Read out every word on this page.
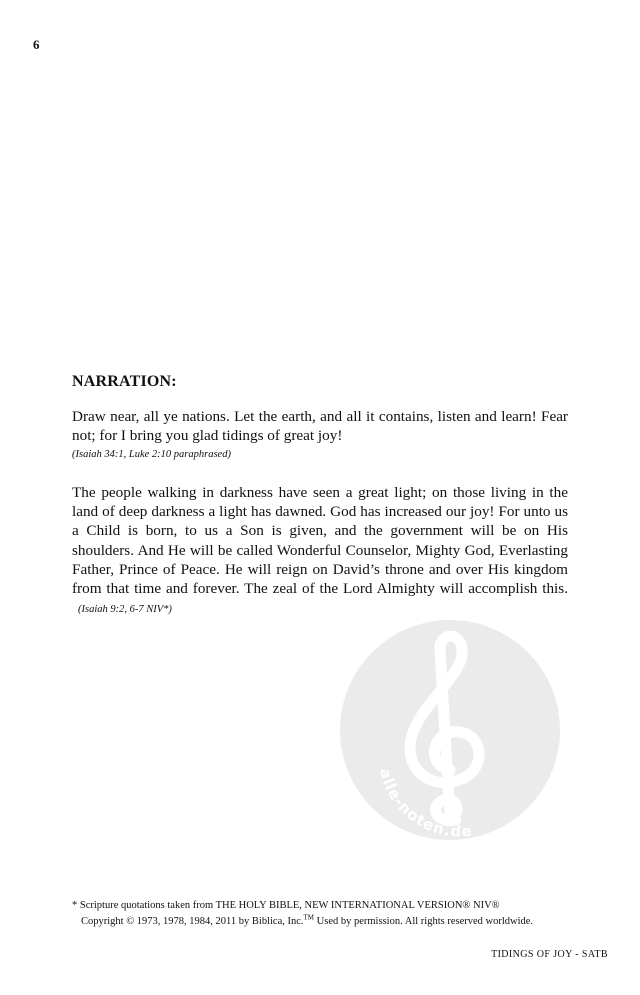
6
NARRATION:
Draw near, all ye nations. Let the earth, and all it contains, listen and learn! Fear not; for I bring you glad tidings of great joy!
(Isaiah 34:1, Luke 2:10 paraphrased)
The people walking in darkness have seen a great light; on those living in the land of deep darkness a light has dawned. God has increased our joy! For unto us a Child is born, to us a Son is given, and the government will be on His shoulders. And He will be called Wonderful Counselor, Mighty God, Everlasting Father, Prince of Peace. He will reign on David’s throne and over His kingdom from that time and forever. The zeal of the Lord Almighty will accomplish this.(Isaiah 9:2, 6-7 NIV*)
alle-noten.de
* Scripture quotations taken from THE HOLY BIBLE, NEW INTERNATIONAL VERSION® NIV®
Copyright © 1973, 1978, 1984, 2011 by Biblica, Inc.™ Used by permission. All rights reserved worldwide.
TIDINGS OF JOY - SATB
